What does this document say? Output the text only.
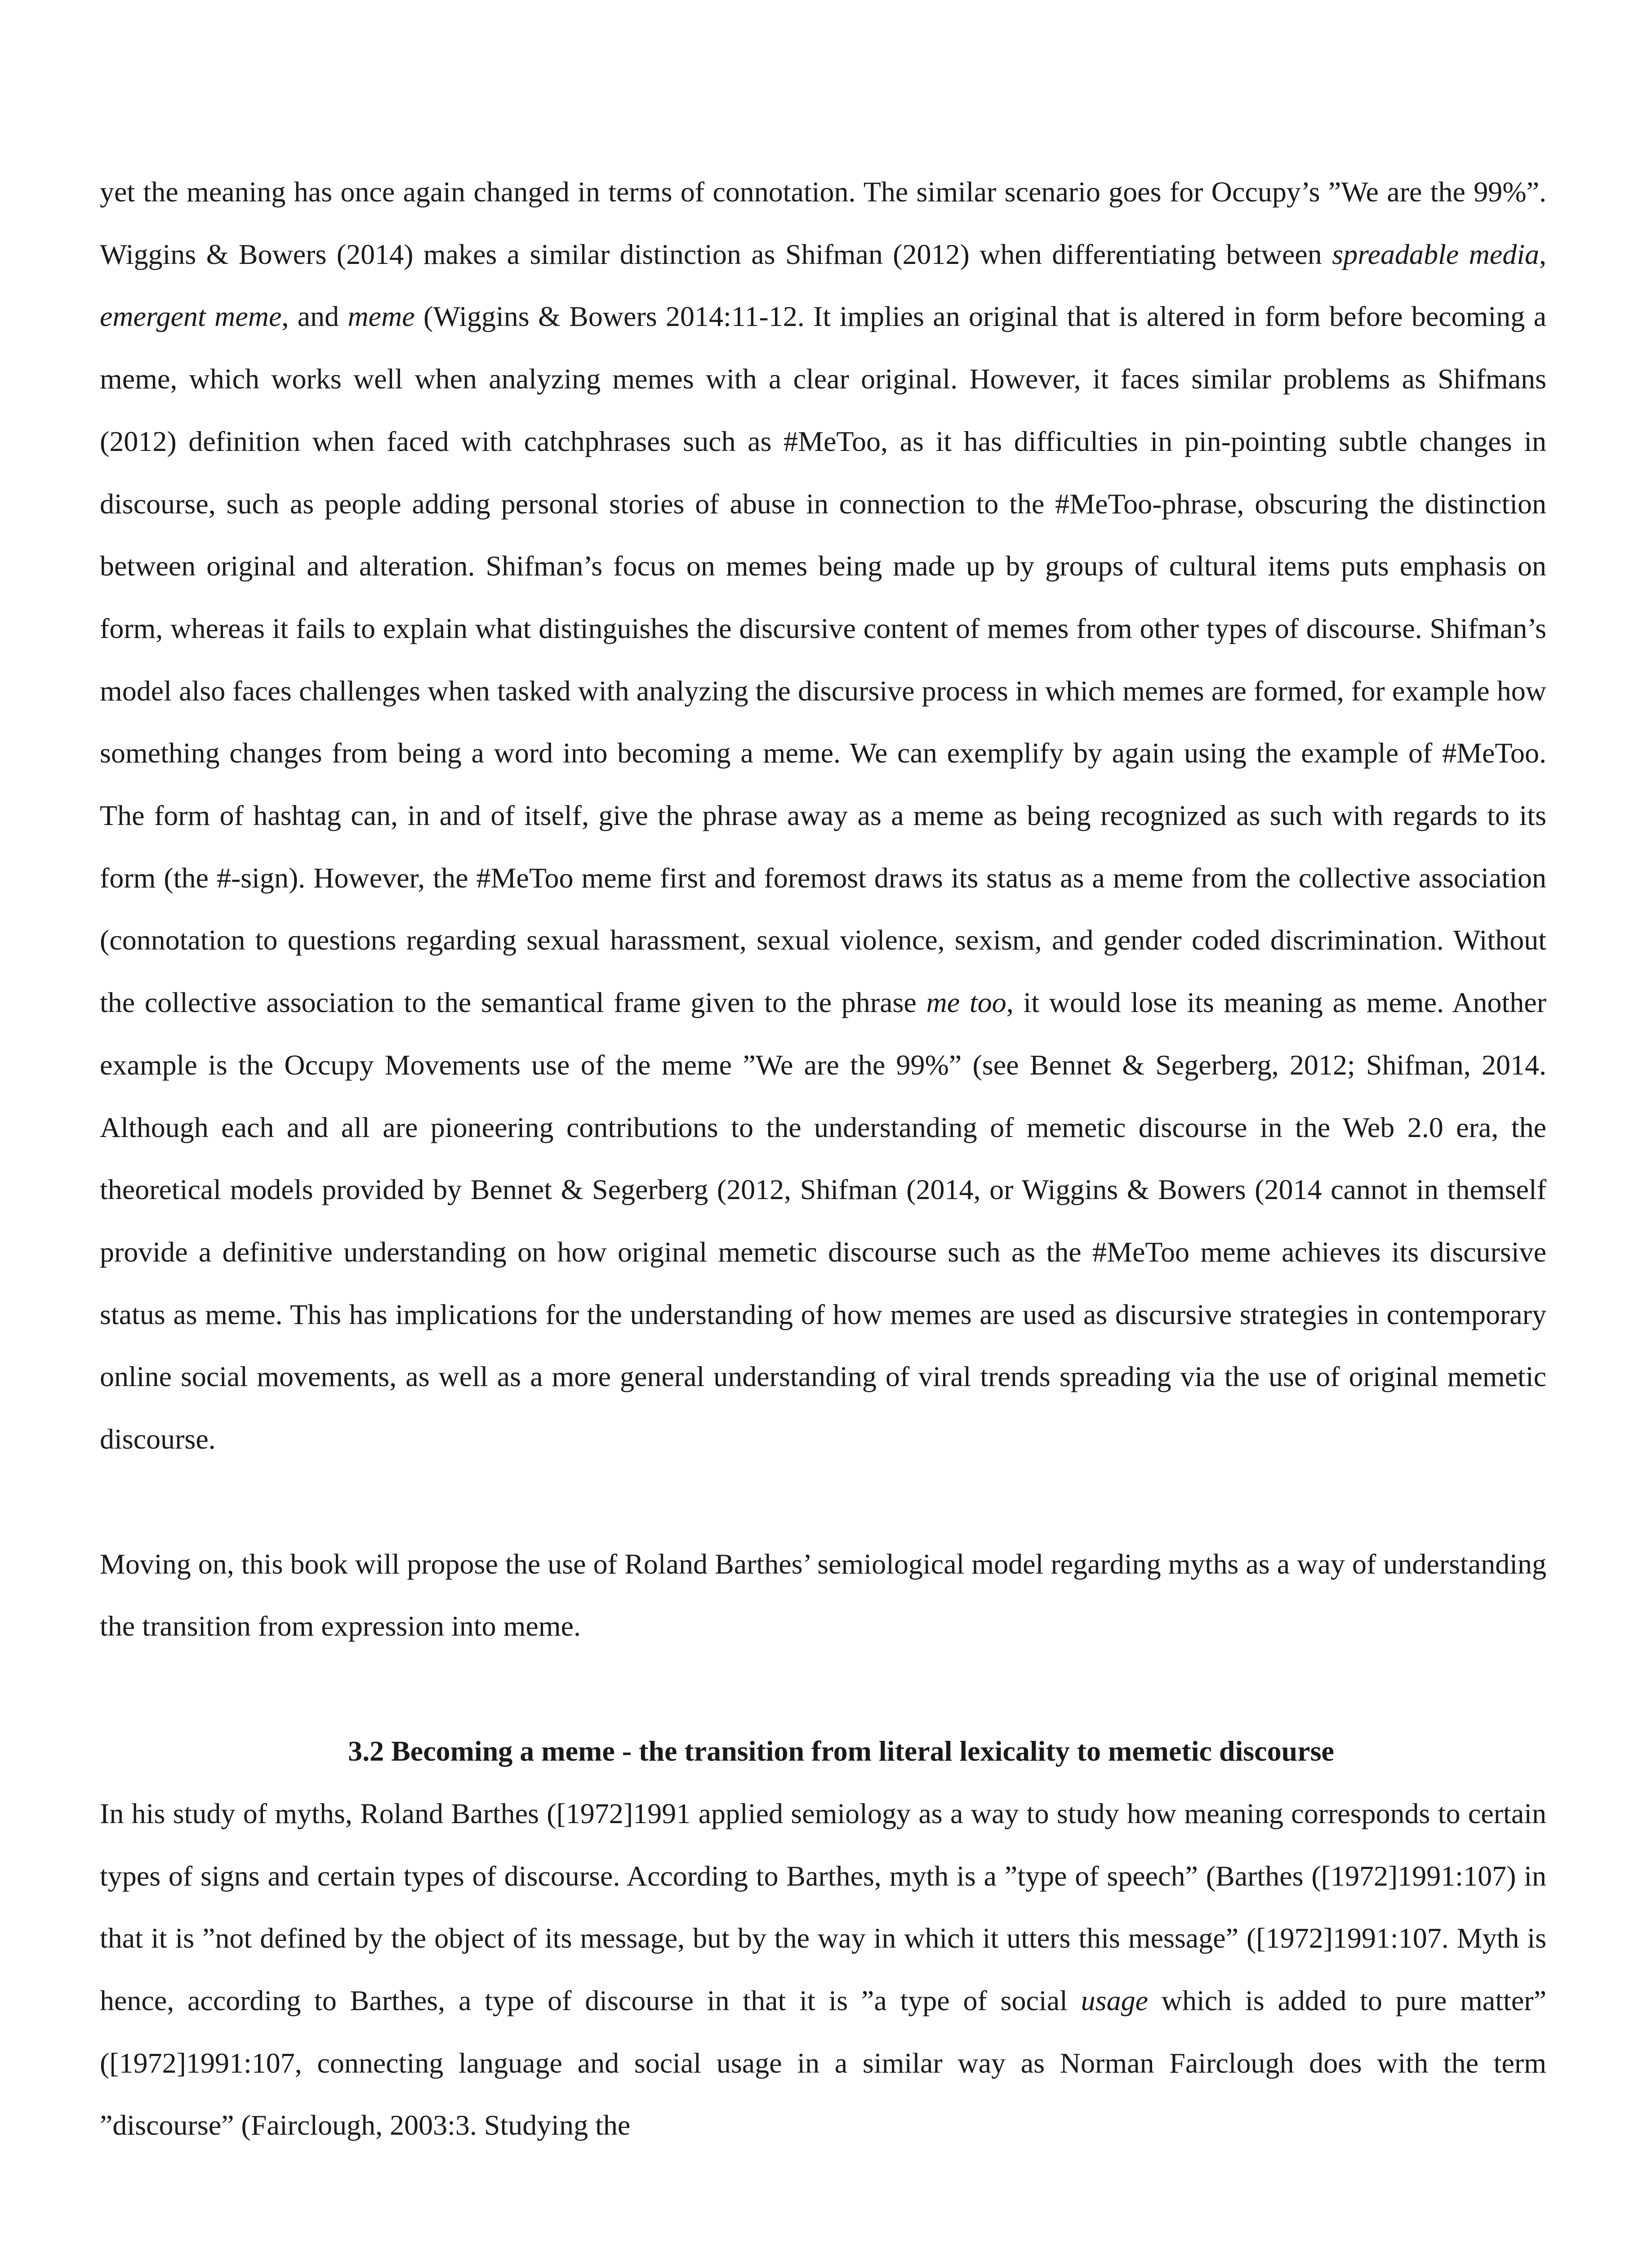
yet the meaning has once again changed in terms of connotation. The similar scenario goes for Occupy’s ”We are the 99%”. Wiggins & Bowers (2014) makes a similar distinction as Shifman (2012) when differentiating between spreadable media, emergent meme, and meme (Wiggins & Bowers 2014:11-12. It implies an original that is altered in form before becoming a meme, which works well when analyzing memes with a clear original. However, it faces similar problems as Shifmans (2012) definition when faced with catchphrases such as #MeToo, as it has difficulties in pin-pointing subtle changes in discourse, such as people adding personal stories of abuse in connection to the #MeToo-phrase, obscuring the distinction between original and alteration. Shifman’s focus on memes being made up by groups of cultural items puts emphasis on form, whereas it fails to explain what distinguishes the discursive content of memes from other types of discourse. Shifman’s model also faces challenges when tasked with analyzing the discursive process in which memes are formed, for example how something changes from being a word into becoming a meme. We can exemplify by again using the example of #MeToo. The form of hashtag can, in and of itself, give the phrase away as a meme as being recognized as such with regards to its form (the #-sign). However, the #MeToo meme first and foremost draws its status as a meme from the collective association (connotation to questions regarding sexual harassment, sexual violence, sexism, and gender coded discrimination. Without the collective association to the semantical frame given to the phrase me too, it would lose its meaning as meme. Another example is the Occupy Movements use of the meme ”We are the 99%” (see Bennet & Segerberg, 2012; Shifman, 2014. Although each and all are pioneering contributions to the understanding of memetic discourse in the Web 2.0 era, the theoretical models provided by Bennet & Segerberg (2012, Shifman (2014, or Wiggins & Bowers (2014 cannot in themself provide a definitive understanding on how original memetic discourse such as the #MeToo meme achieves its discursive status as meme. This has implications for the understanding of how memes are used as discursive strategies in contemporary online social movements, as well as a more general understanding of viral trends spreading via the use of original memetic discourse.

Moving on, this book will propose the use of Roland Barthes’ semiological model regarding myths as a way of understanding the transition from expression into meme.

3.2 Becoming a meme - the transition from literal lexicality to memetic discourse

In his study of myths, Roland Barthes ([1972]1991 applied semiology as a way to study how meaning corresponds to certain types of signs and certain types of discourse. According to Barthes, myth is a ”type of speech” (Barthes ([1972]1991:107) in that it is ”not defined by the object of its message, but by the way in which it utters this message” ([1972]1991:107. Myth is hence, according to Barthes, a type of discourse in that it is ”a type of social usage which is added to pure matter” ([1972]1991:107, connecting language and social usage in a similar way as Norman Fairclough does with the term ”discourse” (Fairclough, 2003:3. Studying the
